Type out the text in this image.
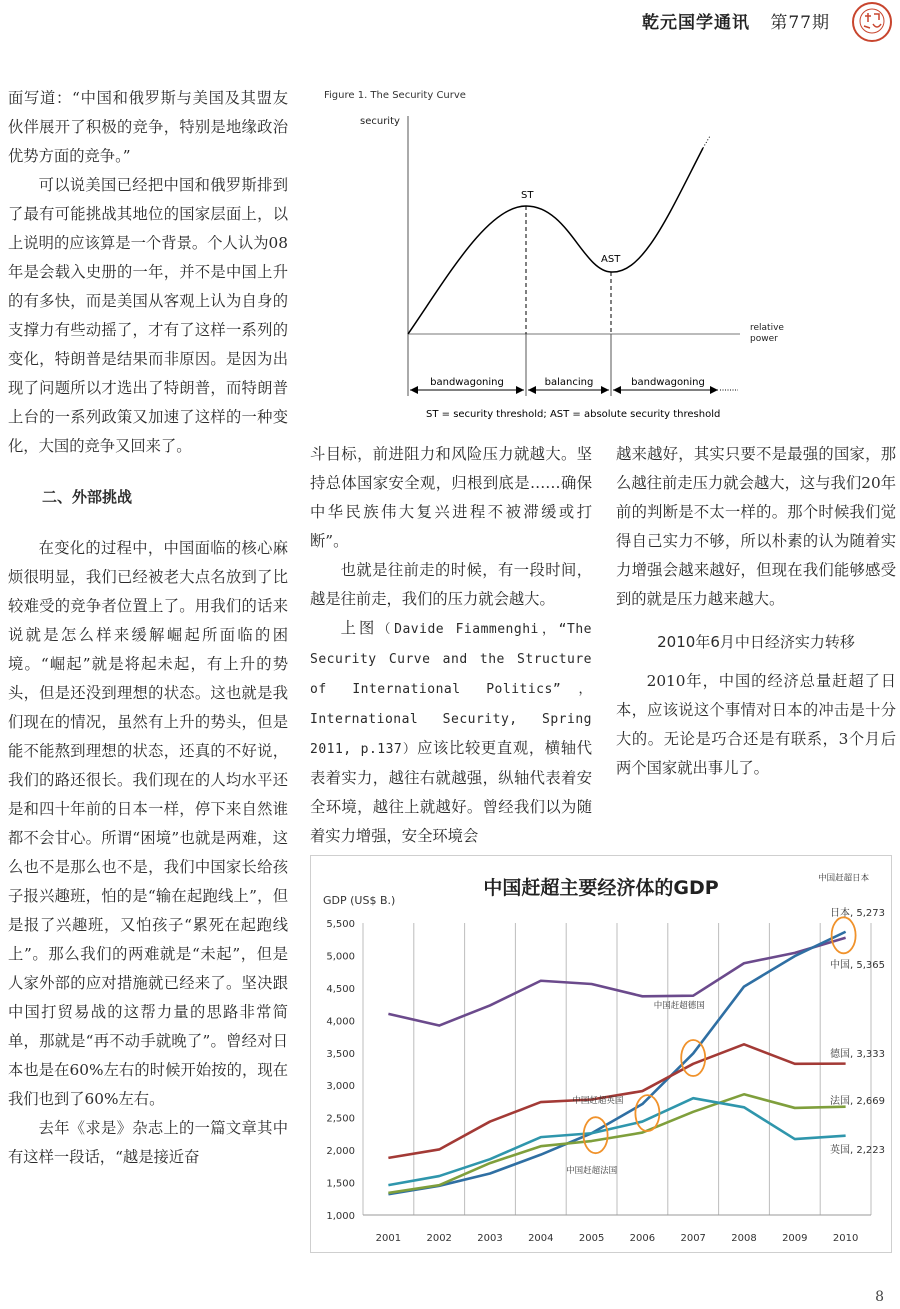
乾元国学通讯 第77期

面写道：“中国和俄罗斯与美国及其盟友伙伴展开了积极的竞争，特别是地缘政治优势方面的竞争。”

可以说美国已经把中国和俄罗斯排到了最有可能挑战其地位的国家层面上，以上说明的应该算是一个背景。个人认为08年是会载入史册的一年，并不是中国上升的有多快，而是美国从客观上认为自身的支撑力有些动摇了，才有了这样一系列的变化，特朗普是结果而非原因。是因为出现了问题所以才选出了特朗普，而特朗普上台的一系列政策又加速了这样的一种变化，大国的竞争又回来了。

二、外部挑战

在变化的过程中，中国面临的核心麻烦很明显，我们已经被老大点名放到了比较难受的竞争者位置上了。用我们的话来说就是怎么样来缓解崛起所面临的困境。“崛起”就是将起未起，有上升的势头，但是还没到理想的状态。这也就是我们现在的情况，虽然有上升的势头，但是能不能熬到理想的状态，还真的不好说，我们的路还很长。我们现在的人均水平还是和四十年前的日本一样，停下来自然谁都不会甘心。所谓“困境”也就是两难，这么也不是那么也不是，我们中国家长给孩子报兴趣班，怕的是“输在起跑线上”，但是报了兴趣班，又怕孩子“累死在起跑线上”。那么我们的两难就是“未起”，但是人家外部的应对措施就已经来了。坚决跟中国打贸易战的这帮力量的思路非常简单，那就是“再不动手就晚了”。曾经对日本也是在60%左右的时候开始按的，现在我们也到了60%左右。

去年《求是》杂志上的一篇文章其中有这样一段话，“越是接近奋

Figure 1. The Security Curve
security
relative
power
ST
AST
bandwagoning	balancing	bandwagoning
ST = security threshold; AST = absolute security threshold

斗目标，前进阻力和风险压力就越大。坚持总体国家安全观，归根到底是……确保中华民族伟大复兴进程不被滞缓或打断”。

也就是往前走的时候，有一段时间，越是往前走，我们的压力就会越大。

上图（Davide Fiammenghi，“The Security Curve and the Structure of International Politics”，International Security, Spring 2011, p.137）应该比较更直观，横轴代表着实力，越往右就越强，纵轴代表着安全环境，越往上就越好。曾经我们以为随着实力增强，安全环境会

越来越好，其实只要不是最强的国家，那么越往前走压力就会越大，这与我们20年前的判断是不太一样的。那个时候我们觉得自己实力不够，所以朴素的认为随着实力增强会越来越好，但现在我们能够感受到的就是压力越来越大。

2010年6月中日经济实力转移

2010年，中国的经济总量赶超了日本，应该说这个事情对日本的冲击是十分大的。无论是巧合还是有联系，3个月后两个国家就出事儿了。

中国赶超主要经济体的GDP
GDP (US$ B.)
1,000
1,500
2,000
2,500
3,000
3,500
4,000
4,500
5,000
5,500
2001	2002	2003	2004	2005	2006	2007	2008	2009	2010
中国赶超法国
中国赶超英国
中国赶超德国
中国赶超日本
日本, 5,273
中国, 5,365
德国, 3,333
法国, 2,669
英国, 2,223
8
